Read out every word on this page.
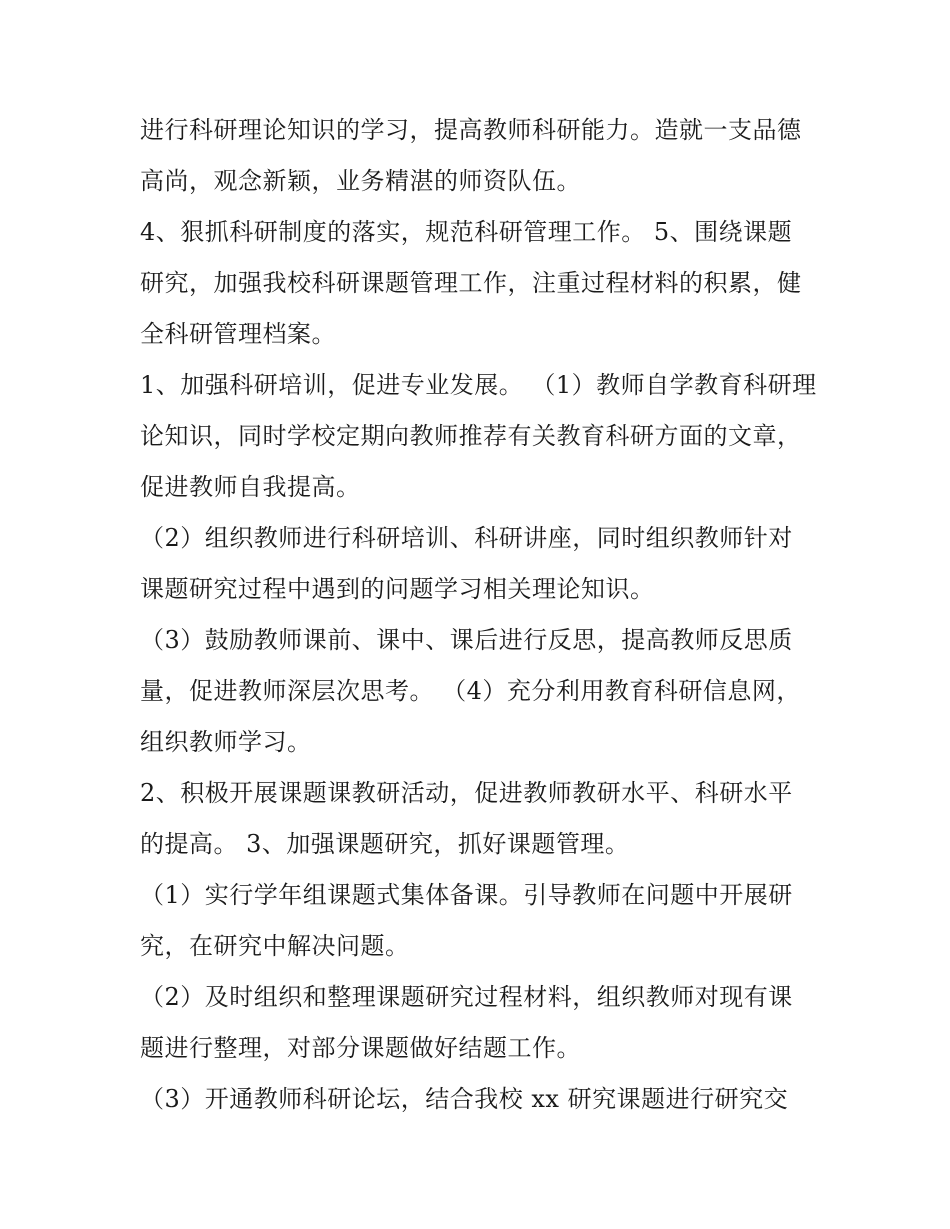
进行科研理论知识的学习，提高教师科研能力。造就一支品德
高尚，观念新颖，业务精湛的师资队伍。
4、狠抓科研制度的落实，规范科研管理工作。 5、围绕课题
研究，加强我校科研课题管理工作，注重过程材料的积累，健
全科研管理档案。
1、加强科研培训，促进专业发展。 （1）教师自学教育科研理
论知识，同时学校定期向教师推荐有关教育科研方面的文章，
促进教师自我提高。
（2）组织教师进行科研培训、科研讲座，同时组织教师针对
课题研究过程中遇到的问题学习相关理论知识。
（3）鼓励教师课前、课中、课后进行反思，提高教师反思质
量，促进教师深层次思考。 （4）充分利用教育科研信息网，
组织教师学习。
2、积极开展课题课教研活动，促进教师教研水平、科研水平
的提高。 3、加强课题研究，抓好课题管理。
（1）实行学年组课题式集体备课。引导教师在问题中开展研
究，在研究中解决问题。
（2）及时组织和整理课题研究过程材料，组织教师对现有课
题进行整理，对部分课题做好结题工作。
（3）开通教师科研论坛，结合我校 xx 研究课题进行研究交
